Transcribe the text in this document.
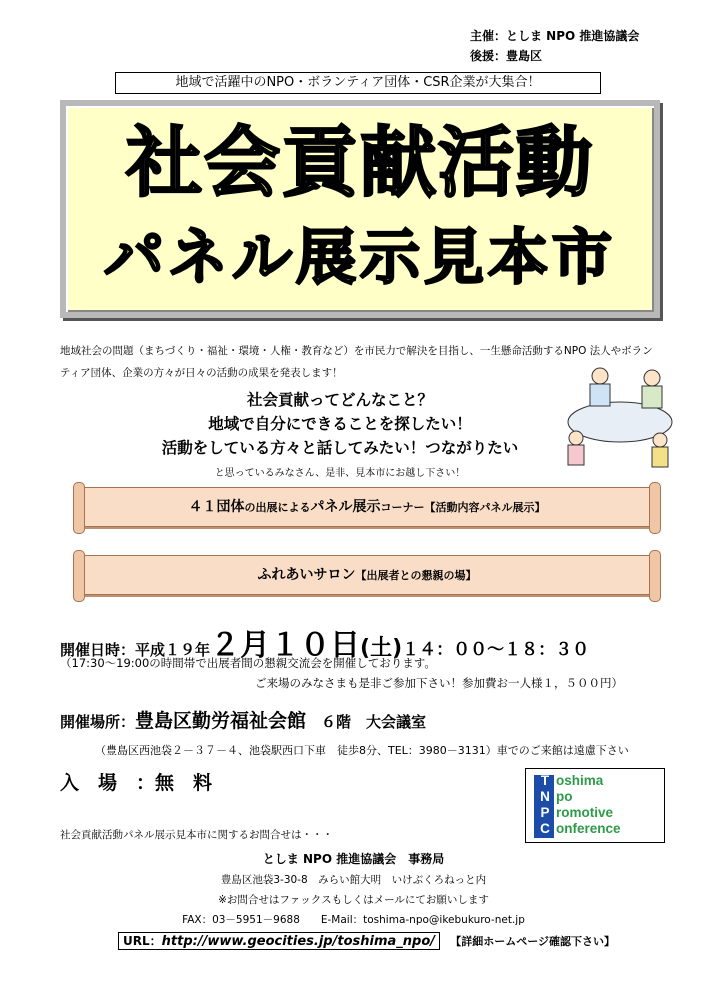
主催：としま NPO 推進協議会
後援：豊島区
地域で活躍中のNPO・ボランティア団体・CSR企業が大集合！
社会貢献活動
パネル展示見本市
地域社会の問題（まちづくり・福祉・環境・人権・教育など）を市民力で解決を目指し、一生懸命活動するNPO 法人やボランティア団体、企業の方々が日々の活動の成果を発表します！
社会貢献ってどんなこと？
地域で自分にできることを探したい！
活動をしている方々と話してみたい！つながりたい
と思っているみなさん、是非、見本市にお越し下さい！
４１団体の出展によるパネル展示コーナー【活動内容パネル展示】
ふれあいサロン【出展者との懇親の場】
開催日時：平成１９年２月１０日(土)１４：００～１８：３０
（17:30～19:00の時間帯で出展者間の懇親交流会を開催しております。
ご来場のみなさまも是非ご参加下さい！参加費お一人様１，５００円）
開催場所：豊島区勤労福祉会館　 ６階　大会議室
（豊島区西池袋２－３７－４、池袋駅西口下車　徒歩8分、TEL：3980－3131）車でのご来館は遠慮下さい
入　場　：無　料	T oshima
N po
P romotive
C onference
社会貢献活動パネル展示見本市に関するお問合せは・・・
としま NPO 推進協議会　事務局
豊島区池袋3-30-8　みらい館大明　いけぶくろねっと内
※お問合せはファックスもしくはメールにてお願いします
FAX：03－5951－9688　　E-Mail：toshima-npo@ikebukuro-net.jp
URL：http://www.geocities.jp/toshima_npo/ 【詳細ホームページ確認下さい】
